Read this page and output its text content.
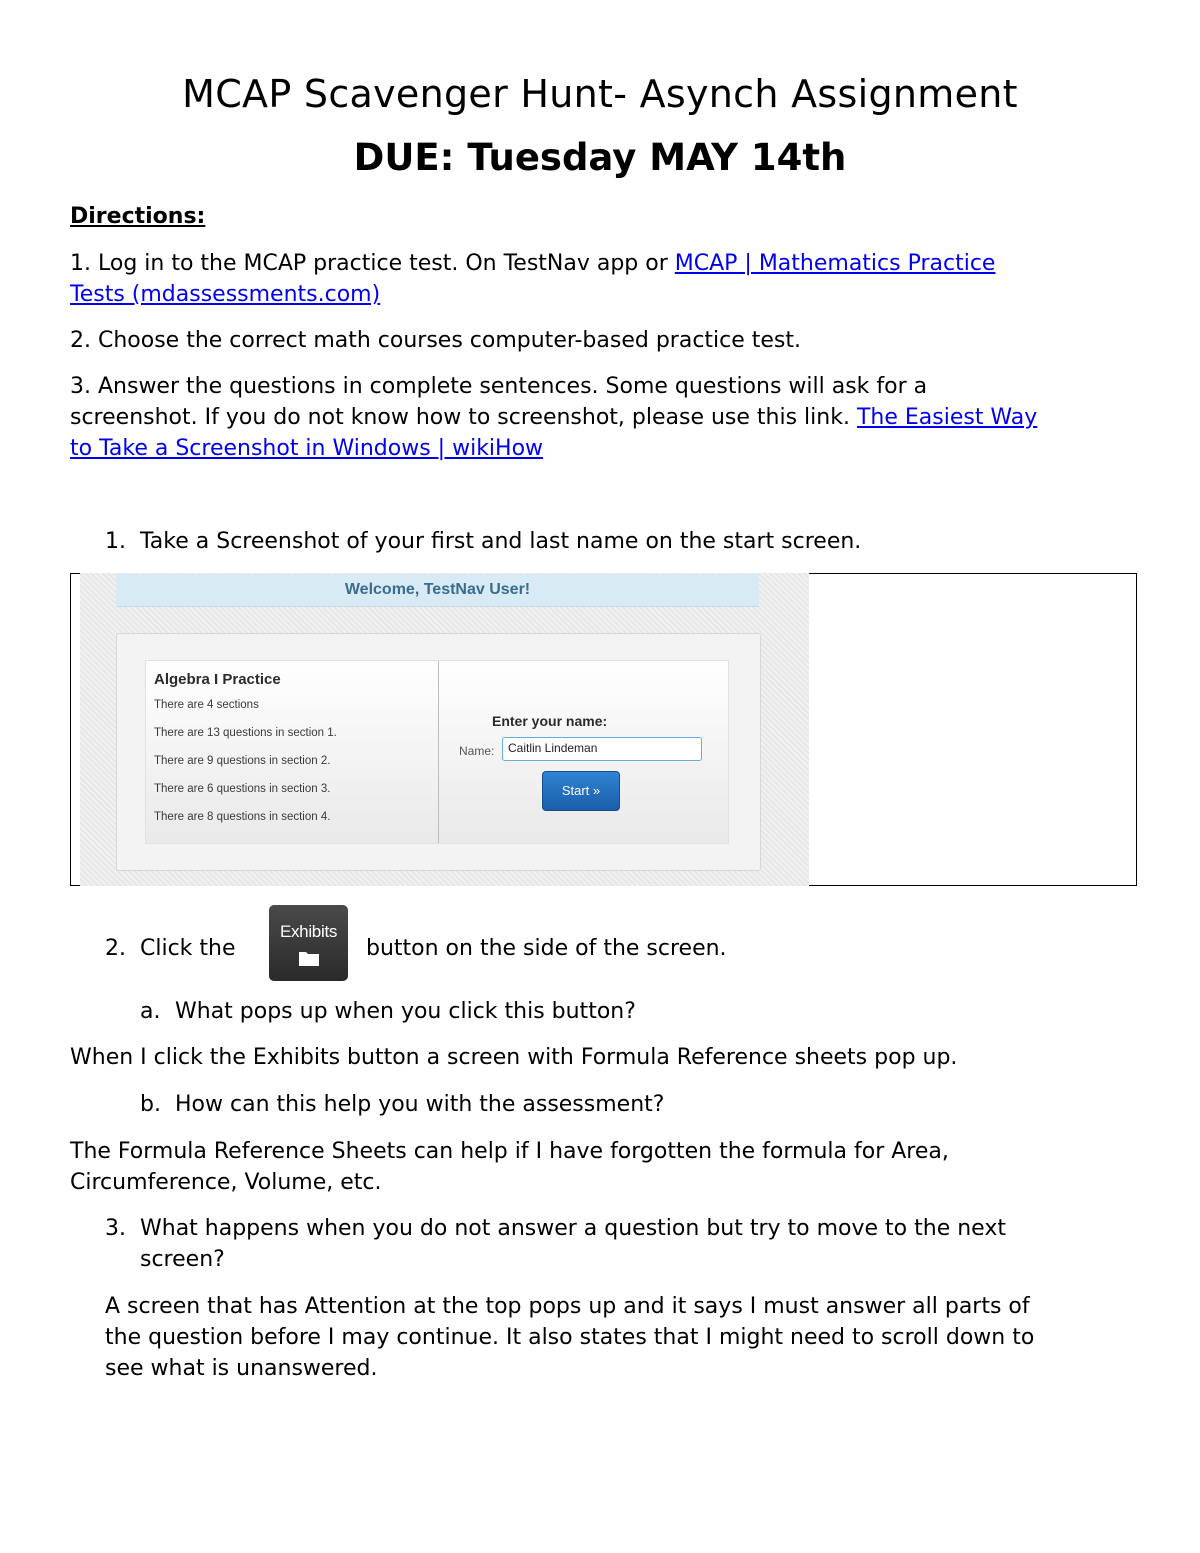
MCAP Scavenger Hunt- Asynch Assignment
DUE: Tuesday MAY 14th
Directions:
1. Log in to the MCAP practice test. On TestNav app or MCAP | Mathematics Practice
Tests (mdassessments.com)
2. Choose the correct math courses computer-based practice test.
3. Answer the questions in complete sentences. Some questions will ask for a
screenshot. If you do not know how to screenshot, please use this link. The Easiest Way
to Take a Screenshot in Windows | wikiHow
1. Take a Screenshot of your first and last name on the start screen.
Welcome, TestNav User!
Algebra I Practice
There are 4 sections
There are 13 questions in section 1.
There are 9 questions in section 2.
There are 6 questions in section 3.
There are 8 questions in section 4.
Enter your name:
Name:	Caitlin Lindeman
Start »
2. Click the
Exhibits
button on the side of the screen.
a. What pops up when you click this button?
When I click the Exhibits button a screen with Formula Reference sheets pop up.
b. How can this help you with the assessment?
The Formula Reference Sheets can help if I have forgotten the formula for Area,
Circumference, Volume, etc.
3. What happens when you do not answer a question but try to move to the next
screen?
A screen that has Attention at the top pops up and it says I must answer all parts of
the question before I may continue. It also states that I might need to scroll down to
see what is unanswered.
